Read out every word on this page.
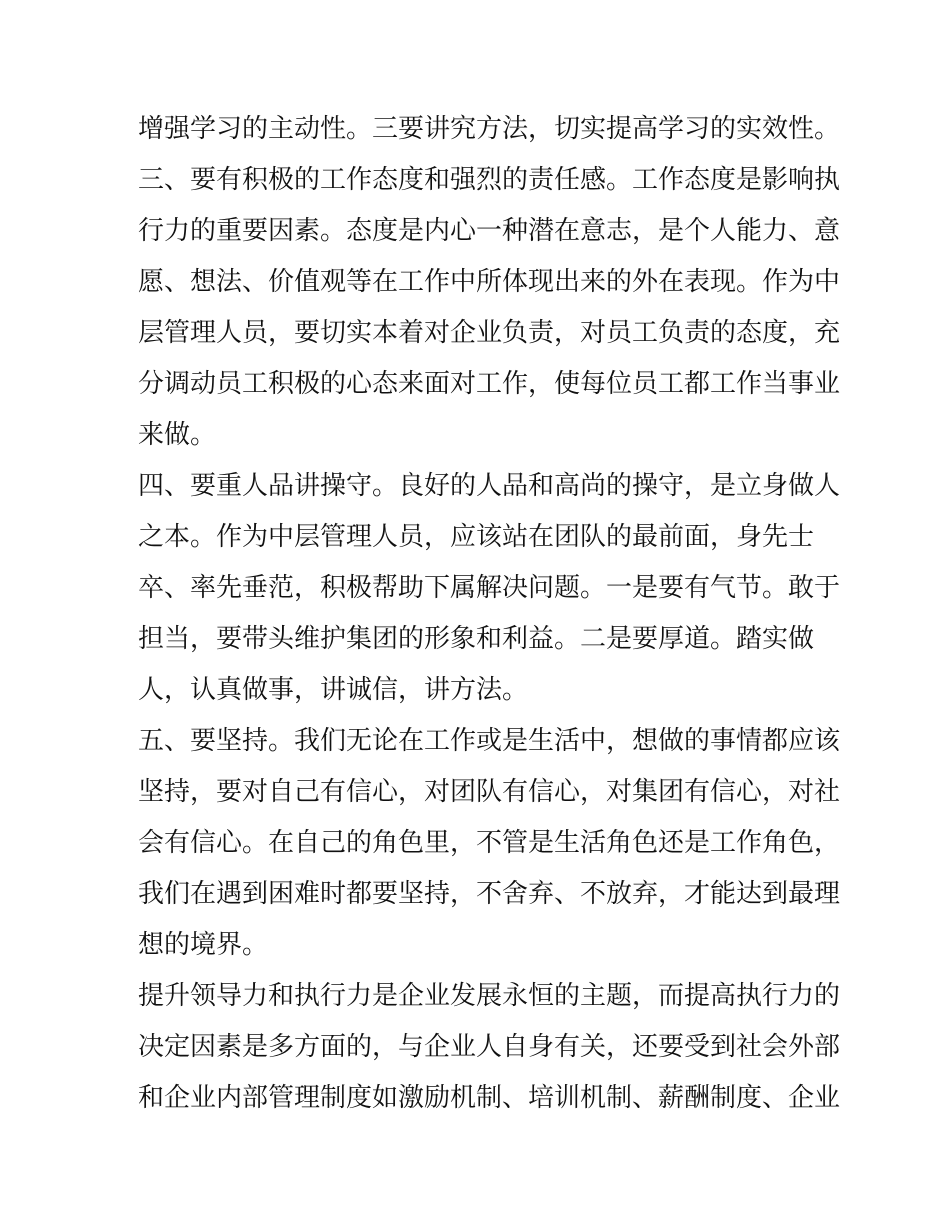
增强学习的主动性。三要讲究方法，切实提高学习的实效性。
三、要有积极的工作态度和强烈的责任感。工作态度是影响执
行力的重要因素。态度是内心一种潜在意志，是个人能力、意
愿、想法、价值观等在工作中所体现出来的外在表现。作为中
层管理人员，要切实本着对企业负责，对员工负责的态度，充
分调动员工积极的心态来面对工作，使每位员工都工作当事业
来做。
四、要重人品讲操守。良好的人品和高尚的操守，是立身做人
之本。作为中层管理人员，应该站在团队的最前面，身先士
卒、率先垂范，积极帮助下属解决问题。一是要有气节。敢于
担当，要带头维护集团的形象和利益。二是要厚道。踏实做
人，认真做事，讲诚信，讲方法。
五、要坚持。我们无论在工作或是生活中，想做的事情都应该
坚持，要对自己有信心，对团队有信心，对集团有信心，对社
会有信心。在自己的角色里，不管是生活角色还是工作角色，
我们在遇到困难时都要坚持，不舍弃、不放弃，才能达到最理
想的境界。
提升领导力和执行力是企业发展永恒的主题，而提高执行力的
决定因素是多方面的，与企业人自身有关，还要受到社会外部
和企业内部管理制度如激励机制、培训机制、薪酬制度、企业
